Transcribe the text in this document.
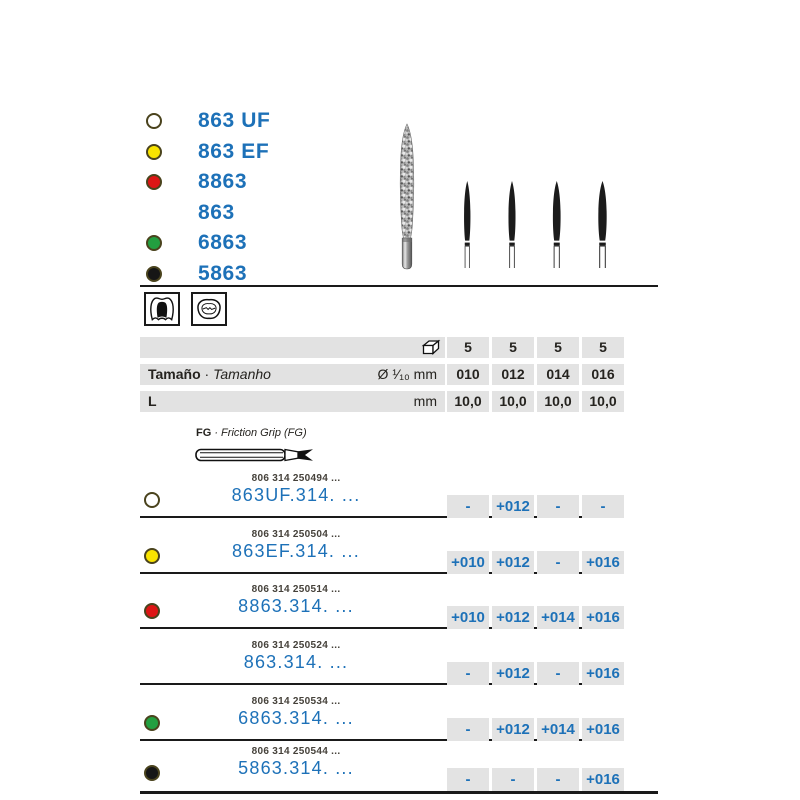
863 UF
863 EF
8863
863
6863
5863
5	5	5	5
Tamaño · Tamanho	Ø ¹⁄₁₀ mm	010	012	014	016
L	mm	10,0	10,0	10,0	10,0
FG · Friction Grip (FG)
806 314 250494 ...
863UF.314. ...
-	+012	-	-
806 314 250504 ...
863EF.314. ...
+010 +012	-	+016
806 314 250514 ...
8863.314. ...
+010 +012 +014 +016
806 314 250524 ...
863.314. ...
-	+012	-	+016
806 314 250534 ...
6863.314. ...
-	+012 +014 +016
806 314 250544 ...
5863.314. ...
-	-	-	+016
